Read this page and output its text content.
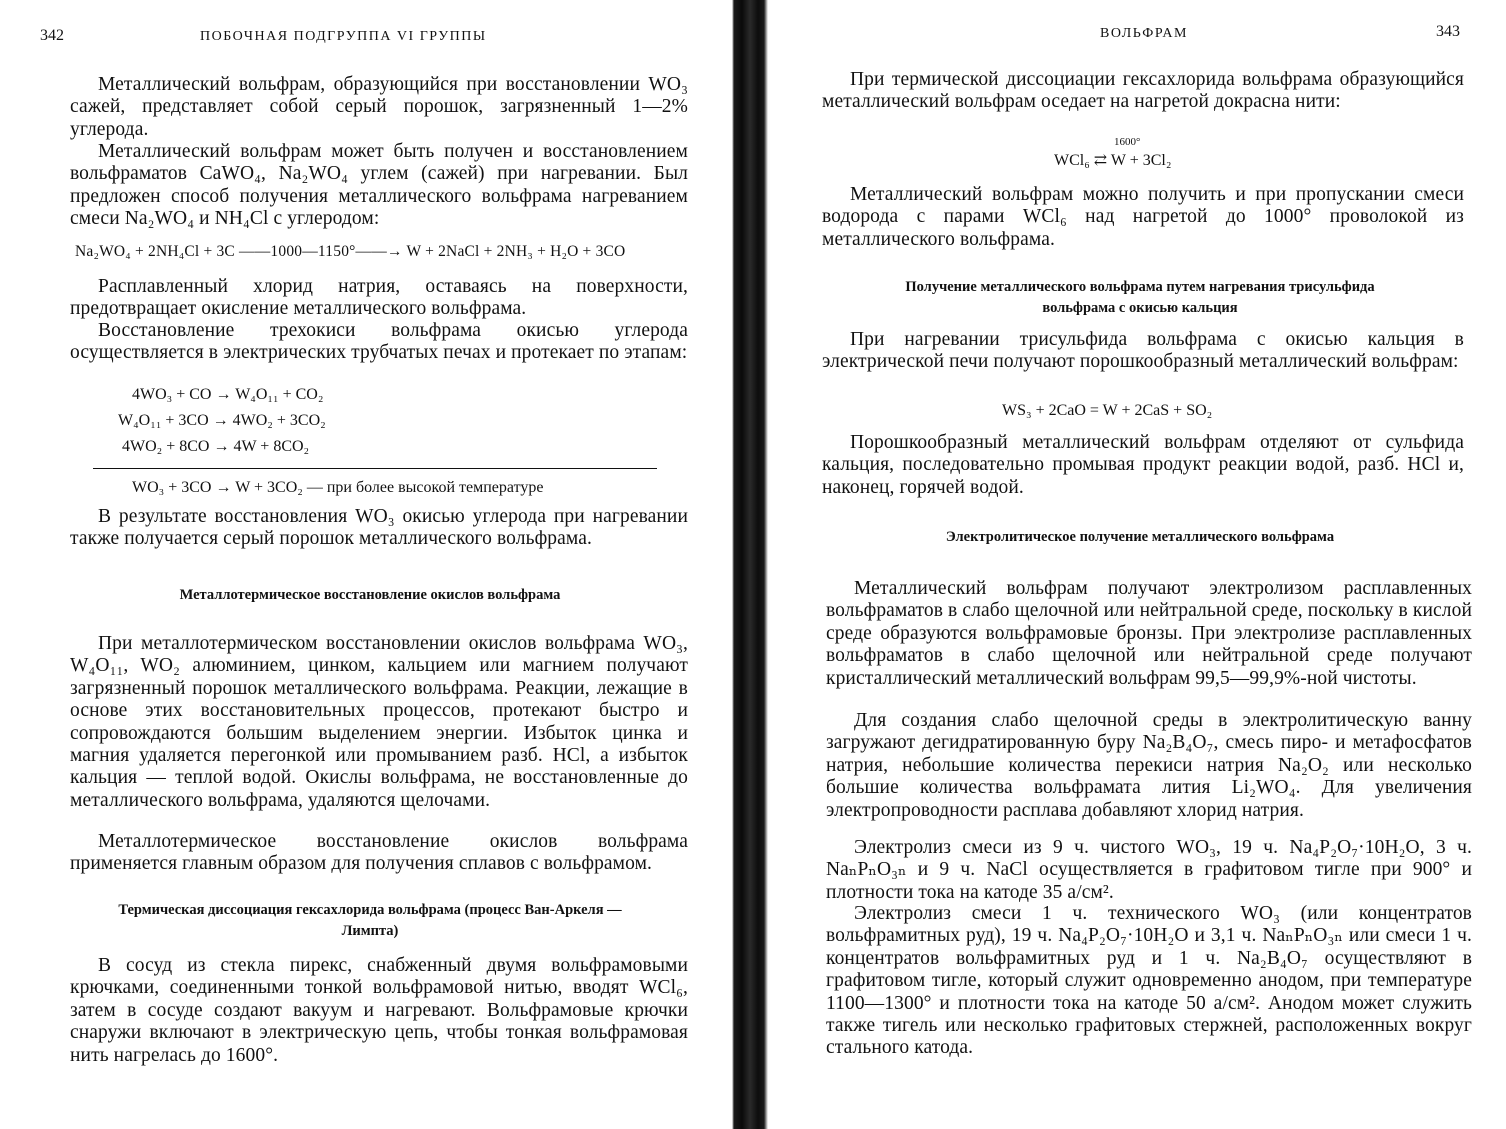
342	ПОБОЧНАЯ ПОДГРУППА VI ГРУППЫ
Металлический вольфрам, образующийся при восстановлении WO₃ сажей, представляет собой серый порошок, загрязненный 1—2% углерода.
Металлический вольфрам может быть получен и восстановлением вольфраматов CaWO₄, Na₂WO₄ углем (сажей) при нагревании. Был предложен способ получения металлического вольфрама нагреванием смеси Na₂WO₄ и NH₄Cl с углеродом:
Na₂WO₄ + 2NH₄Cl + 3C ——1000—1150°——→ W + 2NaCl + 2NH₃ + H₂O + 3CO
Расплавленный хлорид натрия, оставаясь на поверхности, предотвращает окисление металлического вольфрама.
Восстановление трехокиси вольфрама окисью углерода осуществляется в электрических трубчатых печах и протекает по этапам:
4WO₃ + CO → W₄O₁₁ + CO₂
W₄O₁₁ + 3CO → 4WO₂ + 3CO₂
4WO₂ + 8CO → 4W + 8CO₂
WO₃ + 3CO → W + 3CO₂ — при более высокой температуре
В результате восстановления WO₃ окисью углерода при нагревании также получается серый порошок металлического вольфрама.
Металлотермическое восстановление окислов вольфрама
При металлотермическом восстановлении окислов вольфрама WO₃, W₄O₁₁, WO₂ алюминием, цинком, кальцием или магнием получают загрязненный порошок металлического вольфрама. Реакции, лежащие в основе этих восстановительных процессов, протекают быстро и сопровождаются большим выделением энергии. Избыток цинка и магния удаляется перегонкой или промыванием разб. HCl, а избыток кальция — теплой водой. Окислы вольфрама, не восстановленные до металлического вольфрама, удаляются щелочами.
Металлотермическое восстановление окислов вольфрама применяется главным образом для получения сплавов с вольфрамом.
Термическая диссоциация гексахлорида вольфрама (процесс Ван-Аркеля — Лимпта)
В сосуд из стекла пирекс, снабженный двумя вольфрамовыми крючками, соединенными тонкой вольфрамовой нитью, вводят WCl₆, затем в сосуде создают вакуум и нагревают. Вольфрамовые крючки снаружи включают в электрическую цепь, чтобы тонкая вольфрамовая нить нагрелась до 1600°.
ВОЛЬФРАМ	343
При термической диссоциации гексахлорида вольфрама образующийся металлический вольфрам оседает на нагретой докрасна нити:
WCl₆ ⇄ W + 3Cl₂
1600°
Металлический вольфрам можно получить и при пропускании смеси водорода с парами WCl₆ над нагретой до 1000° проволокой из металлического вольфрама.
Получение металлического вольфрама путем нагревания трисульфида вольфрама с окисью кальция
При нагревании трисульфида вольфрама с окисью кальция в электрической печи получают порошкообразный металлический вольфрам:
WS₃ + 2CaO = W + 2CaS + SO₂
Порошкообразный металлический вольфрам отделяют от сульфида кальция, последовательно промывая продукт реакции водой, разб. HCl и, наконец, горячей водой.
Электролитическое получение металлического вольфрама
Металлический вольфрам получают электролизом расплавленных вольфраматов в слабо щелочной или нейтральной среде, поскольку в кислой среде образуются вольфрамовые бронзы. При электролизе расплавленных вольфраматов в слабо щелочной или нейтральной среде получают кристаллический металлический вольфрам 99,5—99,9%-ной чистоты.
Для создания слабо щелочной среды в электролитическую ванну загружают дегидратированную буру Na₂B₄O₇, смесь пиро- и метафосфатов натрия, небольшие количества перекиси натрия Na₂O₂ или несколько большие количества вольфрамата лития Li₂WO₄. Для увеличения электропроводности расплава добавляют хлорид натрия.
Электролиз смеси из 9 ч. чистого WO₃, 19 ч. Na₄P₂O₇·10H₂O, 3 ч. NaₙPₙO₃ₙ и 9 ч. NaCl осуществляется в графитовом тигле при 900° и плотности тока на катоде 35 а/см².
Электролиз смеси 1 ч. технического WO₃ (или концентратов вольфрамитных руд), 19 ч. Na₄P₂O₇·10H₂O и 3,1 ч. NaₙPₙO₃ₙ или смеси 1 ч. концентратов вольфрамитных руд и 1 ч. Na₂B₄O₇ осуществляют в графитовом тигле, который служит одновременно анодом, при температуре 1100—1300° и плотности тока на катоде 50 а/см². Анодом может служить также тигель или несколько графитовых стержней, расположенных вокруг стального катода.
